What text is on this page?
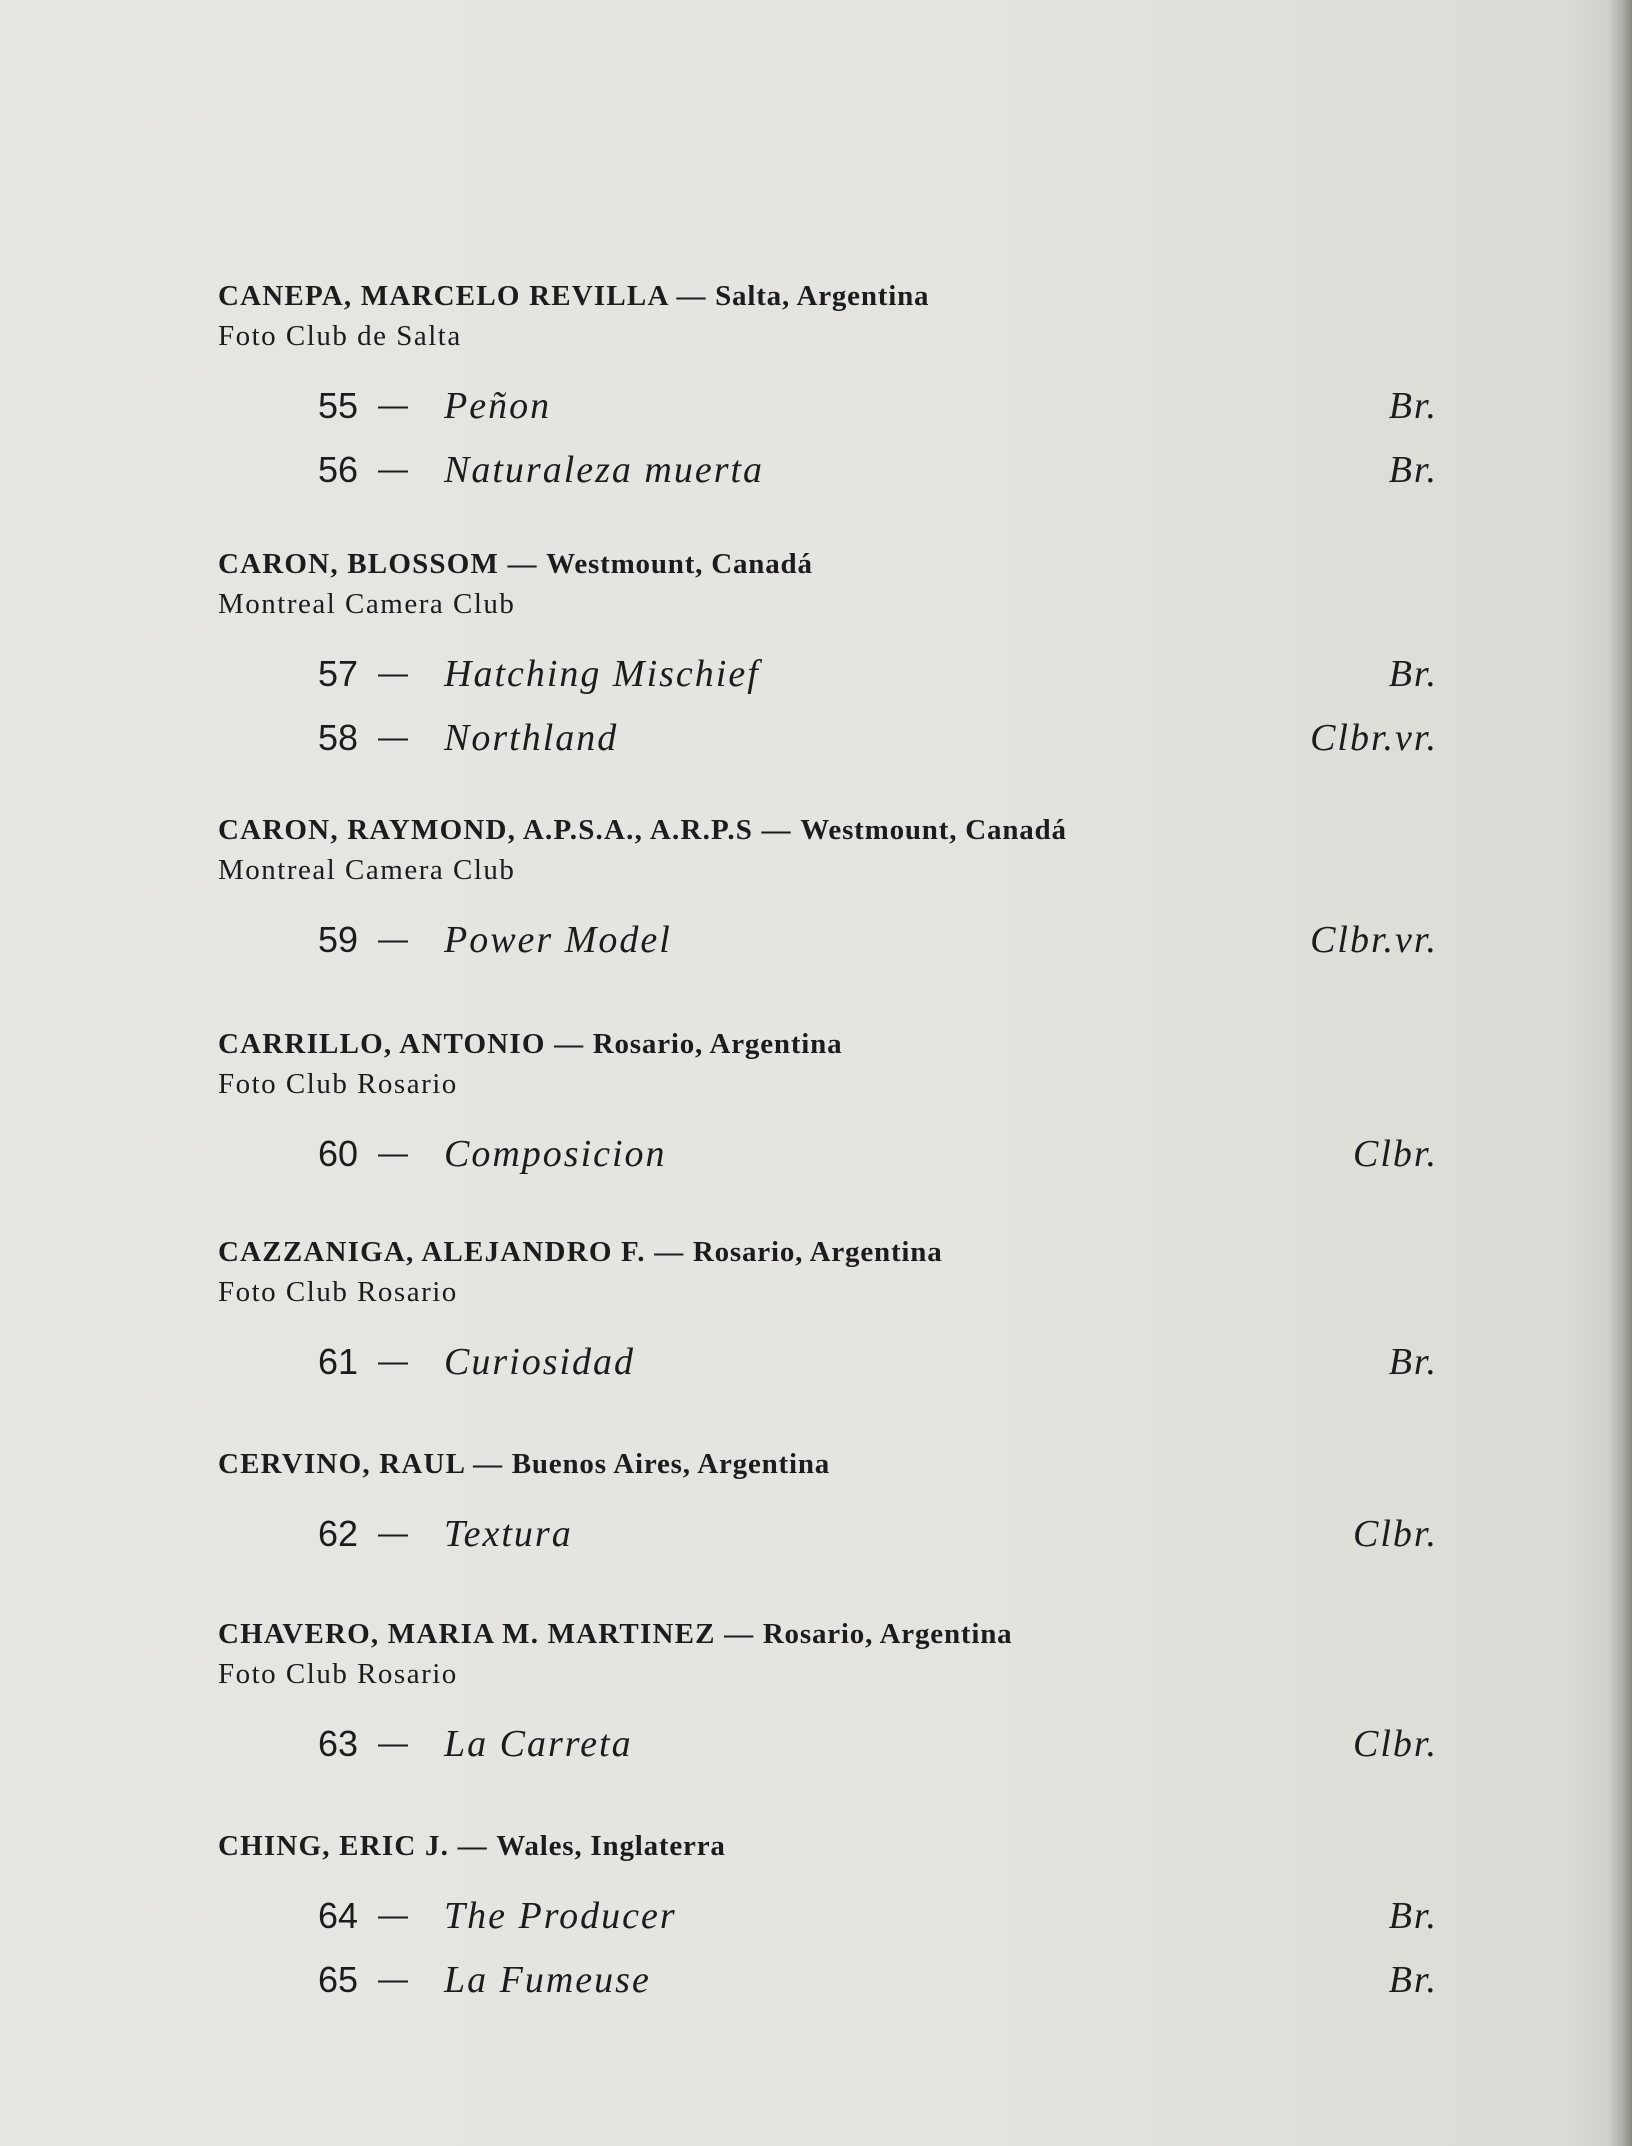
CANEPA, MARCELO REVILLA — Salta, Argentina
Foto Club de Salta
55 — Peñon	Br.
56 — Naturaleza muerta	Br.
CARON, BLOSSOM — Westmount, Canadá
Montreal Camera Club
57 — Hatching Mischief	Br.
58 — Northland	Clbr.vr.
CARON, RAYMOND, A.P.S.A., A.R.P.S — Westmount, Canadá
Montreal Camera Club
59 — Power Model	Clbr.vr.
CARRILLO, ANTONIO — Rosario, Argentina
Foto Club Rosario
60 — Composicion	Clbr.
CAZZANIGA, ALEJANDRO F. — Rosario, Argentina
Foto Club Rosario
61 — Curiosidad	Br.
CERVINO, RAUL — Buenos Aires, Argentina
62 — Textura	Clbr.
CHAVERO, MARIA M. MARTINEZ — Rosario, Argentina
Foto Club Rosario
63 — La Carreta	Clbr.
CHING, ERIC J. — Wales, Inglaterra
64 — The Producer	Br.
65 — La Fumeuse	Br.
